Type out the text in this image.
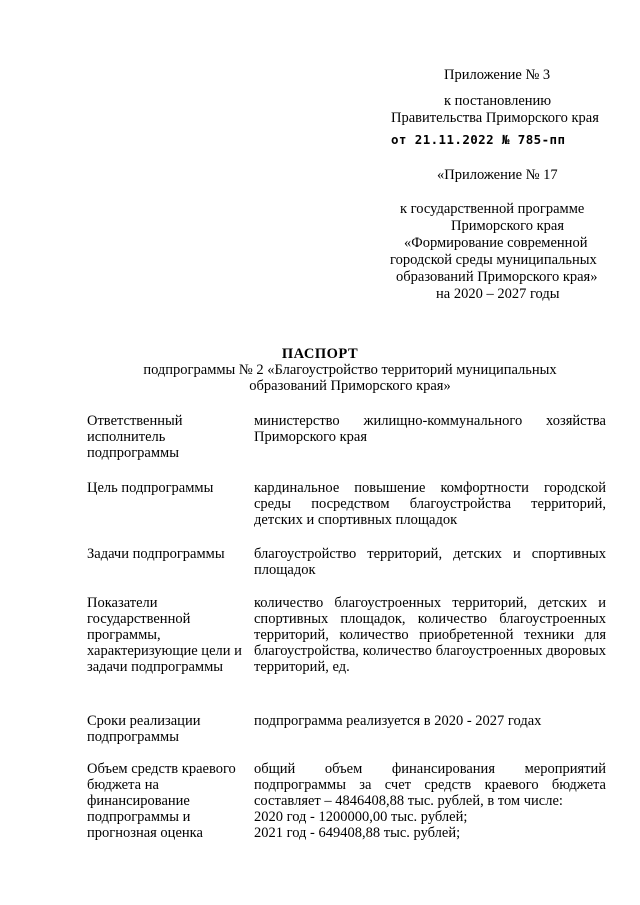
Приложение № 3
к постановлению
Правительства Приморского края
от 21.11.2022 № 785-пп
«Приложение № 17
к государственной программе
Приморского края
«Формирование современной
городской среды муниципальных
образований Приморского края»
на 2020 – 2027 годы
ПАСПОРТ
подпрограммы № 2 «Благоустройство территорий муниципальных
образований Приморского края»
Ответственный исполнитель подпрограммы
министерство жилищно-коммунального хозяйства Приморского края
Цель подпрограммы	кардинальное повышение комфортности городской среды посредством благоустройства территорий, детских и спортивных площадок
Задачи подпрограммы	благоустройство территорий, детских и спортивных площадок
Показатели государственной программы, характеризующие цели и задачи подпрограммы
количество благоустроенных территорий, детских и спортивных площадок, количество благоустроенных территорий, количество приобретенной техники для благоустройства, количество благоустроенных дворовых территорий, ед.
Сроки реализации подпрограммы
подпрограмма реализуется в 2020 - 2027 годах
Объем средств краевого бюджета на финансирование подпрограммы и прогнозная оценка
общий объем финансирования мероприятий подпрограммы за счет средств краевого бюджета составляет – 4846408,88 тыс. рублей, в том числе:
2020 год - 1200000,00 тыс. рублей;
2021 год - 649408,88 тыс. рублей;
